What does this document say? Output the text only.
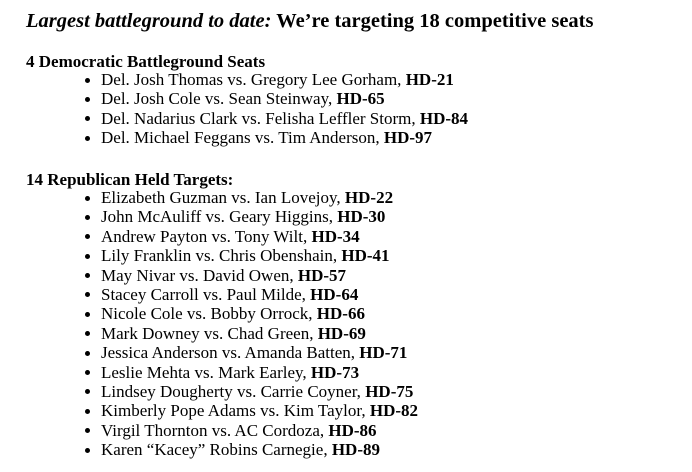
Largest battleground to date: We’re targeting 18 competitive seats

4 Democratic Battleground Seats

Del. Josh Thomas vs. Gregory Lee Gorham, HD-21
Del. Josh Cole vs. Sean Steinway, HD-65
Del. Nadarius Clark vs. Felisha Leffler Storm, HD-84
Del. Michael Feggans vs. Tim Anderson, HD-97

14 Republican Held Targets:

Elizabeth Guzman vs. Ian Lovejoy, HD-22
John McAuliff vs. Geary Higgins, HD-30
Andrew Payton vs. Tony Wilt, HD-34
Lily Franklin vs. Chris Obenshain, HD-41
May Nivar vs. David Owen, HD-57
Stacey Carroll vs. Paul Milde, HD-64
Nicole Cole vs. Bobby Orrock, HD-66
Mark Downey vs. Chad Green, HD-69
Jessica Anderson vs. Amanda Batten, HD-71
Leslie Mehta vs. Mark Earley, HD-73
Lindsey Dougherty vs. Carrie Coyner, HD-75
Kimberly Pope Adams vs. Kim Taylor, HD-82
Virgil Thornton vs. AC Cordoza, HD-86
Karen “Kacey” Robins Carnegie, HD-89
